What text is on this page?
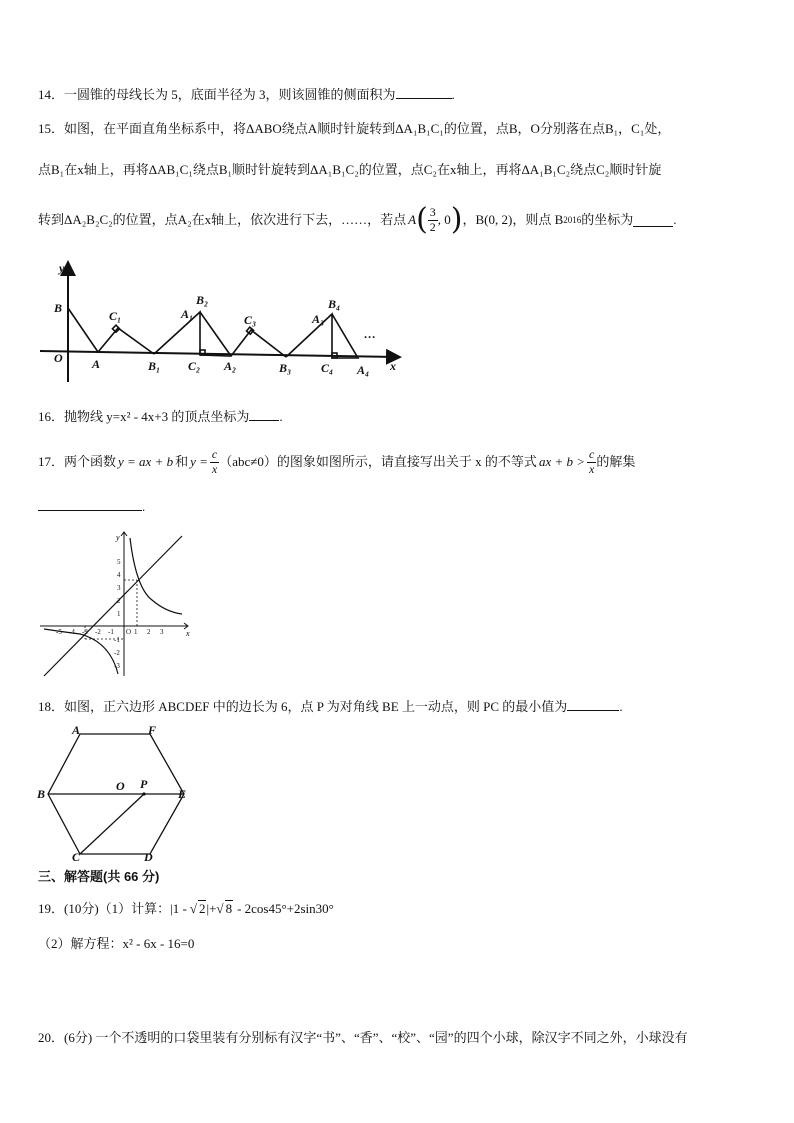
14．一圆锥的母线长为 5，底面半径为 3，则该圆锥的侧面积为	.
15．如图，在平面直角坐标系中，将ΔABO绕点A顺时针旋转到ΔA₁B₁C₁的位置，点B，O分别落在点B₁，C₁处，
点B₁在x轴上，再将ΔAB₁C₁绕点B₁顺时针旋转到ΔA₁B₁C₂的位置，点C₂在x轴上，再将ΔA₁B₁C₂绕点C₂顺时针旋
转到ΔA₂B₂C₂的位置，点A₂在x轴上，依次进行下去，……，若点 A ( $\frac{3}{2}$ , 0 ) ，B(0, 2)，则点 B 2016 的坐标为	.
y
B
O A
C₁
B₁
A₁
B₂
C₂ A₂
C₃
B₃
A₃
B₄
C₄ A₄
…
x
16．抛物线 y=x² - 4x+3 的顶点坐标为 .
17．两个函数 y = ax + b 和 $y = \frac{c}{x} (abc\ne 0)$的图象如图所示，请直接写出关于 x 的不等式 ax + $b > \frac{c}{x}$ 的解集
.
-5 -4 -3 -2 -1 O 1 2 3
5
4
3
2
1
-1
-2
-3
x
y
18．如图，正六边形 ABCDEF 中的边长为 6，点 P 为对角线 BE 上一动点，则 PC 的最小值为	.
A	F
B	E
C	D
O P
三、解答题(共 66 分)
19．(10分)（1）计算：|1 - √ 2 |+ √ 8 - 2cos45°+2sin30°
（2）解方程：x² - 6x - 16=0
20．(6分) 一个不透明的口袋里装有分别标有汉字“书”、“香”、“校”、“园”的四个小球，除汉字不同之外，小球没有
